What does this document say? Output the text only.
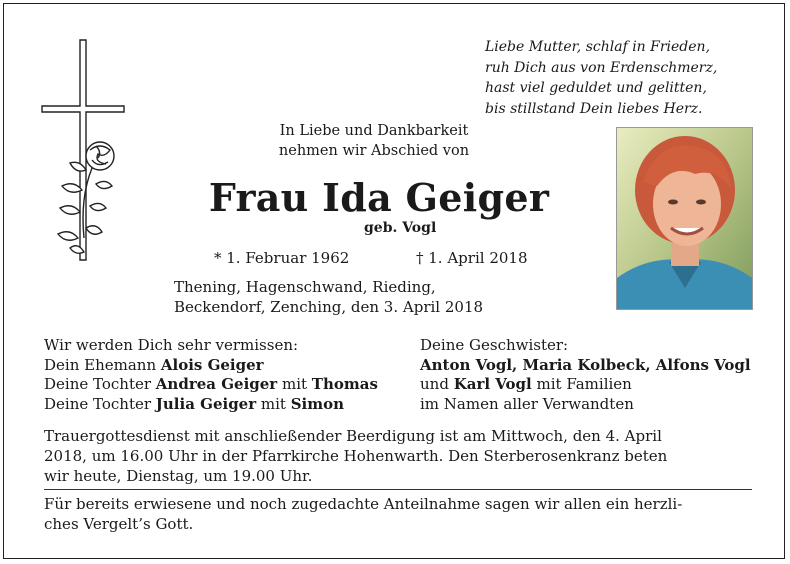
Liebe Mutter, schlaf in Frieden,
ruh Dich aus von Erdenschmerz,
hast viel geduldet und gelitten,
bis stillstand Dein liebes Herz.
In Liebe und Dankbarkeit
nehmen wir Abschied von
Frau Ida Geiger
geb. Vogl
* 1. Februar 1962	† 1. April 2018
Thening, Hagenschwand, Rieding,
Beckendorf, Zenching, den 3. April 2018
Wir werden Dich sehr vermissen:
Dein Ehemann Alois Geiger
Deine Tochter Andrea Geiger mit Thomas
Deine Tochter Julia Geiger mit Simon
Deine Geschwister:
Anton Vogl, Maria Kolbeck, Alfons Vogl
und Karl Vogl mit Familien
im Namen aller Verwandten
Trauergottesdienst mit anschließender Beerdigung ist am Mittwoch, den 4. April
2018, um 16.00 Uhr in der Pfarrkirche Hohenwarth. Den Sterberosenkranz beten
wir heute, Dienstag, um 19.00 Uhr.
Für bereits erwiesene und noch zugedachte Anteilnahme sagen wir allen ein herzli-
ches Vergelt’s Gott.
